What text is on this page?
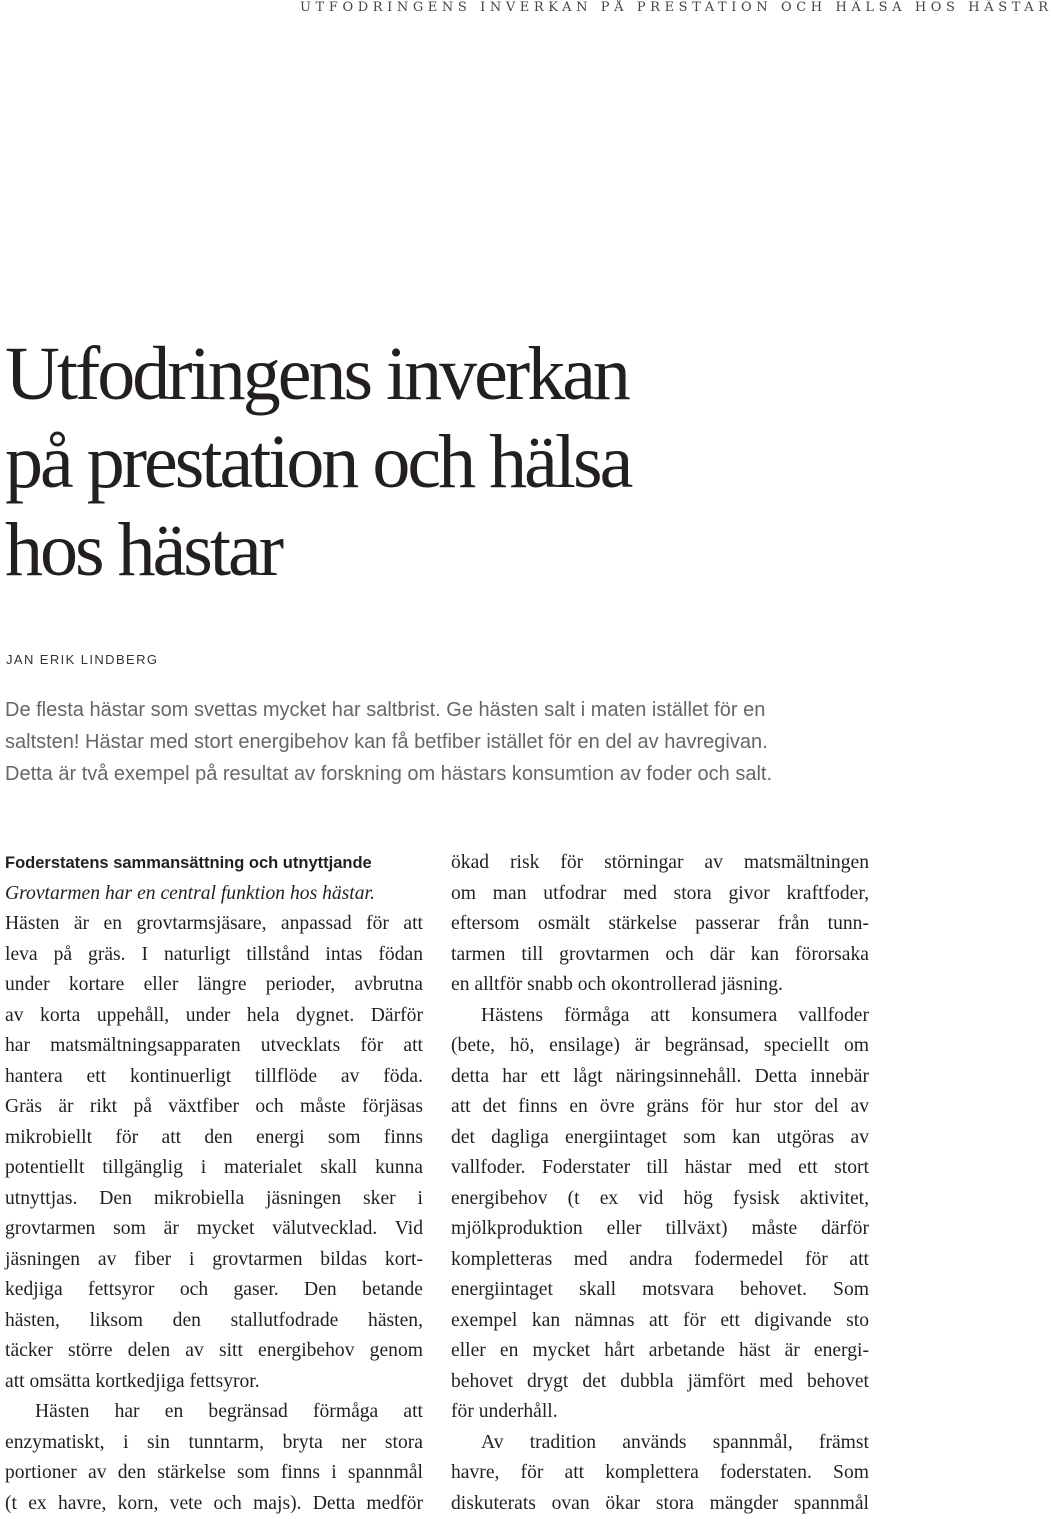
UTFODRINGENS INVERKAN PÅ PRESTATION OCH HÄLSA HOS HÄSTAR
Utfodringens inverkan
på prestation och hälsa
hos hästar
JAN ERIK LINDBERG

De flesta hästar som svettas mycket har saltbrist. Ge hästen salt i maten istället för en
saltsten! Hästar med stort energibehov kan få betfiber istället för en del av havregivan.
Detta är två exempel på resultat av forskning om hästars konsumtion av foder och salt.

Foderstatens sammansättning och utnyttjande
Grovtarmen har en central funktion hos hästar.
Hästen är en grovtarmsjäsare, anpassad för att
leva på gräs. I naturligt tillstånd intas födan
under kortare eller längre perioder, avbrutna
av korta uppehåll, under hela dygnet. Därför
har matsmältningsapparaten utvecklats för att
hantera ett kontinuerligt tillflöde av föda.
Gräs är rikt på växtfiber och måste förjäsas
mikrobiellt för att den energi som finns
potentiellt tillgänglig i materialet skall kunna
utnyttjas. Den mikrobiella jäsningen sker i
grovtarmen som är mycket välutvecklad. Vid
jäsningen av fiber i grovtarmen bildas kort-
kedjiga fettsyror och gaser. Den betande
hästen, liksom den stallutfodrade hästen,
täcker större delen av sitt energibehov genom
att omsätta kortkedjiga fettsyror.
Hästen har en begränsad förmåga att
enzymatiskt, i sin tunntarm, bryta ner stora
portioner av den stärkelse som finns i spannmål
(t ex havre, korn, vete och majs). Detta medför
ökad risk för störningar av matsmältningen
om man utfodrar med stora givor kraftfoder,
eftersom osmält stärkelse passerar från tunn-
tarmen till grovtarmen och där kan förorsaka
en alltför snabb och okontrollerad jäsning.
Hästens förmåga att konsumera vallfoder
(bete, hö, ensilage) är begränsad, speciellt om
detta har ett lågt näringsinnehåll. Detta innebär
att det finns en övre gräns för hur stor del av
det dagliga energiintaget som kan utgöras av
vallfoder. Foderstater till hästar med ett stort
energibehov (t ex vid hög fysisk aktivitet,
mjölkproduktion eller tillväxt) måste därför
kompletteras med andra fodermedel för att
energiintaget skall motsvara behovet. Som
exempel kan nämnas att för ett digivande sto
eller en mycket hårt arbetande häst är energi-
behovet drygt det dubbla jämfört med behovet
för underhåll.
Av tradition används spannmål, främst
havre, för att komplettera foderstaten. Som
diskuterats ovan ökar stora mängder spannmål
